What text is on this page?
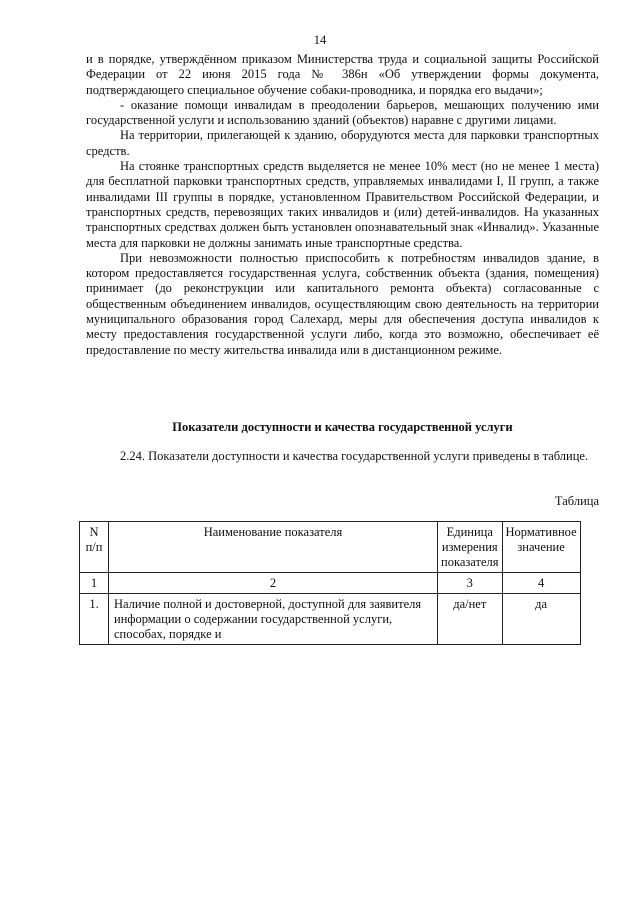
14

и в порядке, утверждённом приказом Министерства труда и социальной защиты Российской Федерации от 22 июня 2015 года № 386н «Об утверждении формы документа, подтверждающего специальное обучение собаки-проводника, и порядка его выдачи»;

- оказание помощи инвалидам в преодолении барьеров, мешающих получению ими государственной услуги и использованию зданий (объектов) наравне с другими лицами.

На территории, прилегающей к зданию, оборудуются места для парковки транспортных средств.

На стоянке транспортных средств выделяется не менее 10% мест (но не менее 1 места) для бесплатной парковки транспортных средств, управляемых инвалидами I, II групп, а также инвалидами III группы в порядке, установленном Правительством Российской Федерации, и транспортных средств, перевозящих таких инвалидов и (или) детей-инвалидов. На указанных транспортных средствах должен быть установлен опознавательный знак «Инвалид». Указанные места для парковки не должны занимать иные транспортные средства.

При невозможности полностью приспособить к потребностям инвалидов здание, в котором предоставляется государственная услуга, собственник объекта (здания, помещения) принимает (до реконструкции или капитального ремонта объекта) согласованные с общественным объединением инвалидов, осуществляющим свою деятельность на территории муниципального образования город Салехард, меры для обеспечения доступа инвалидов к месту предоставления государственной услуги либо, когда это возможно, обеспечивает её предоставление по месту жительства инвалида или в дистанционном режиме.

Показатели доступности и качества государственной услуги

2.24. Показатели доступности и качества государственной услуги приведены в таблице.

Таблица
N п/п	Наименование показателя	Единица измерения показателя	Нормативное значение
1	2	3	4
1.	Наличие полной и достоверной, доступной для заявителя информации о содержании государственной услуги, способах, порядке и	да/нет	да
